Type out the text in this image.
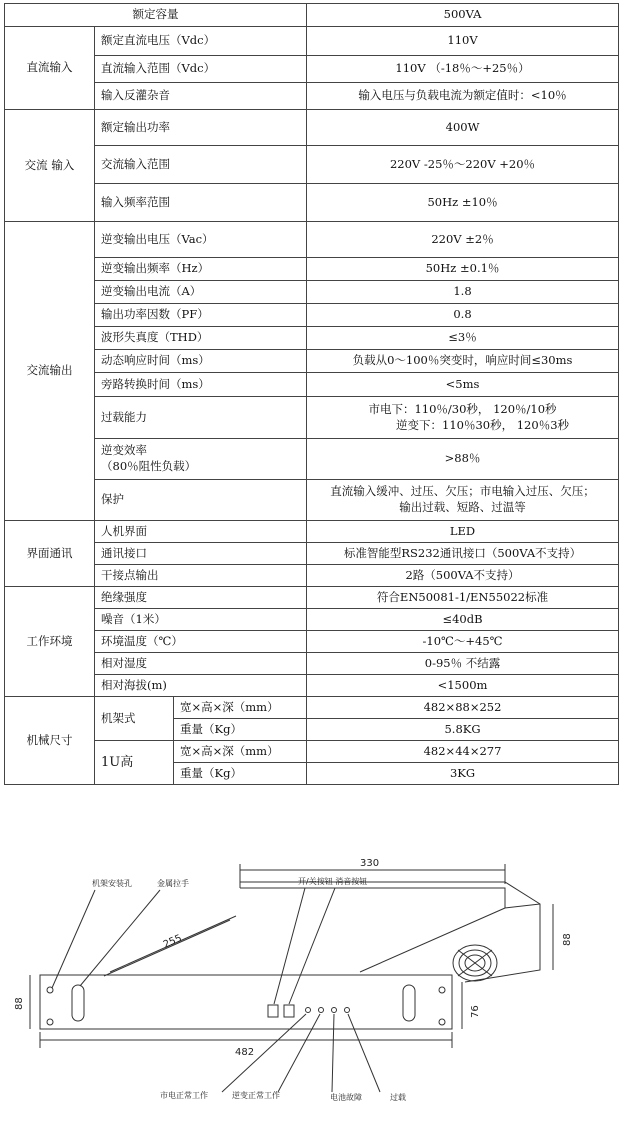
额定容量			500VA
直流输入	额定直流电压（Vdc）		110V
	直流输入范围（Vdc）		110V （-18％～+25％）
	输入反灌杂音		输入电压与负载电流为额定值时：<10％
交流 输入	额定输出功率		400W
	交流输入范围		220V -25％～220V +20％
	输入频率范围		50Hz ±10％
交流输出	逆变输出电压（Vac）		220V ±2％
	逆变输出频率（Hz）		50Hz ±0.1％
	逆变输出电流（A）		1.8
	输出功率因数（PF）		0.8
	波形失真度（THD）		≤3％
	动态响应时间（ms）		负载从0～100％突变时，响应时间≤30ms
	旁路转换时间（ms）		<5ms
	过载能力		市电下：110％/30秒， 120％/10秒
逆变下：110％30秒， 120％3秒

	逆变效率
（80％阻性负载）		>88％
	保护		直流输入缓冲、过压、欠压；市电输入过压、欠压；
输出过载、短路、过温等

界面通讯	人机界面		LED
	通讯接口		标准智能型RS232通讯接口（500VA不支持）
	干接点输出		2路（500VA不支持）
工作环境	绝缘强度		符合EN50081-1/EN55022标准
	噪音（1米）		≤40dB
	环境温度（℃）		-10℃～+45℃
	相对湿度		0-95％ 不结露
	相对海拔(m)		<1500m
机械尺寸	机架式	宽×高×深（mm）	482×88×252
		重量（Kg）	5.8KG
	1U高	宽×高×深（mm）	482×44×277
		重量（Kg）	3KG
330
255
482
88
88
76
机架安装孔	金属拉手	开/关按钮 消音按钮
市电正常工作	逆变正常工作	电池故障	过载
